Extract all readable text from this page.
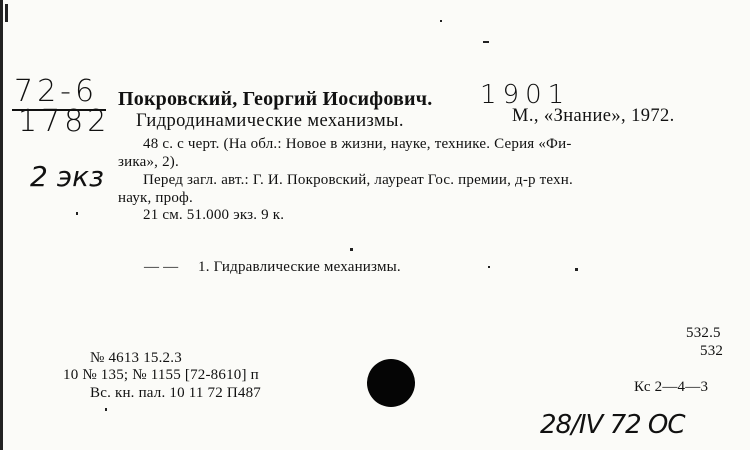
72-6
1782
2 экз
Покровский, Георгий Иосифович. 1901
Гидродинамические механизмы.	М., «Знание», 1972.
48 с. с черт. (На обл.: Новое в жизни, науке, технике. Серия «Фи-
зика», 2).
Перед загл. авт.: Г. И. Покровский, лауреат Гос. премии, д-р техн.
наук, проф.
21 см. 51.000 экз. 9 к.
— — 1. Гидравлические механизмы.
532.5
532
№ 4613 15.2.3
10 № 135; № 1155 [72-8610] п
Вс. кн. пал. 10 11 72 П487	Кс 2—4—3
28/IV 72 ОС
